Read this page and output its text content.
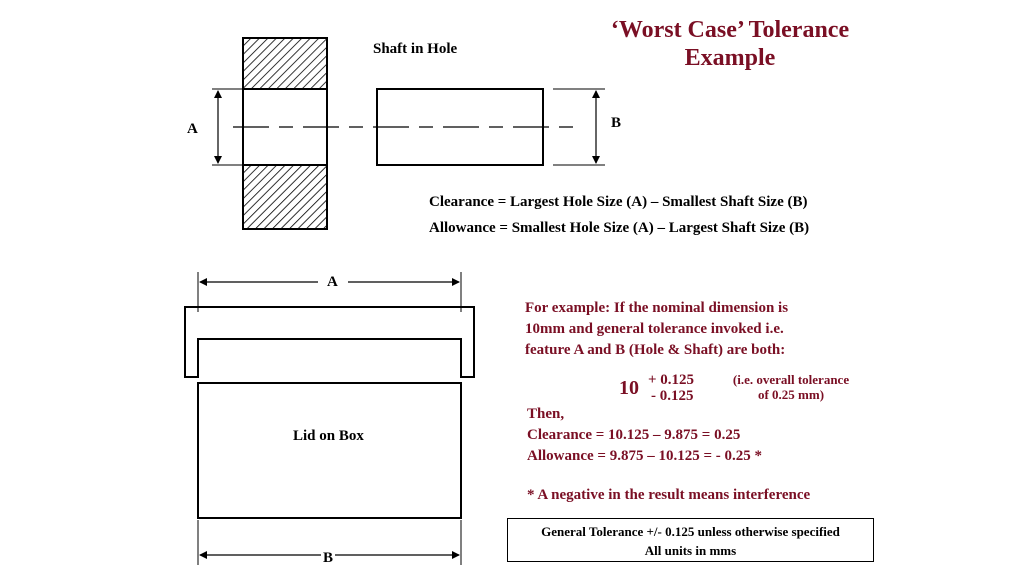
‘Worst Case’ Tolerance
Example
Shaft in Hole
A	B
Clearance = Largest Hole Size (A) – Smallest Shaft Size (B)
Allowance = Smallest Hole Size (A) – Largest Shaft Size (B)
A
Lid on Box
B
For example: If the nominal dimension is
10mm and general tolerance invoked i.e.
feature A and B (Hole & Shaft) are both:
10 + 0.125
- 0.125
(i.e. overall tolerance
of 0.25 mm)
Then,
Clearance = 10.125 – 9.875 = 0.25
Allowance = 9.875 – 10.125 = - 0.25 *
* A negative in the result means interference
General Tolerance +/- 0.125 unless otherwise specified
All units in mms
